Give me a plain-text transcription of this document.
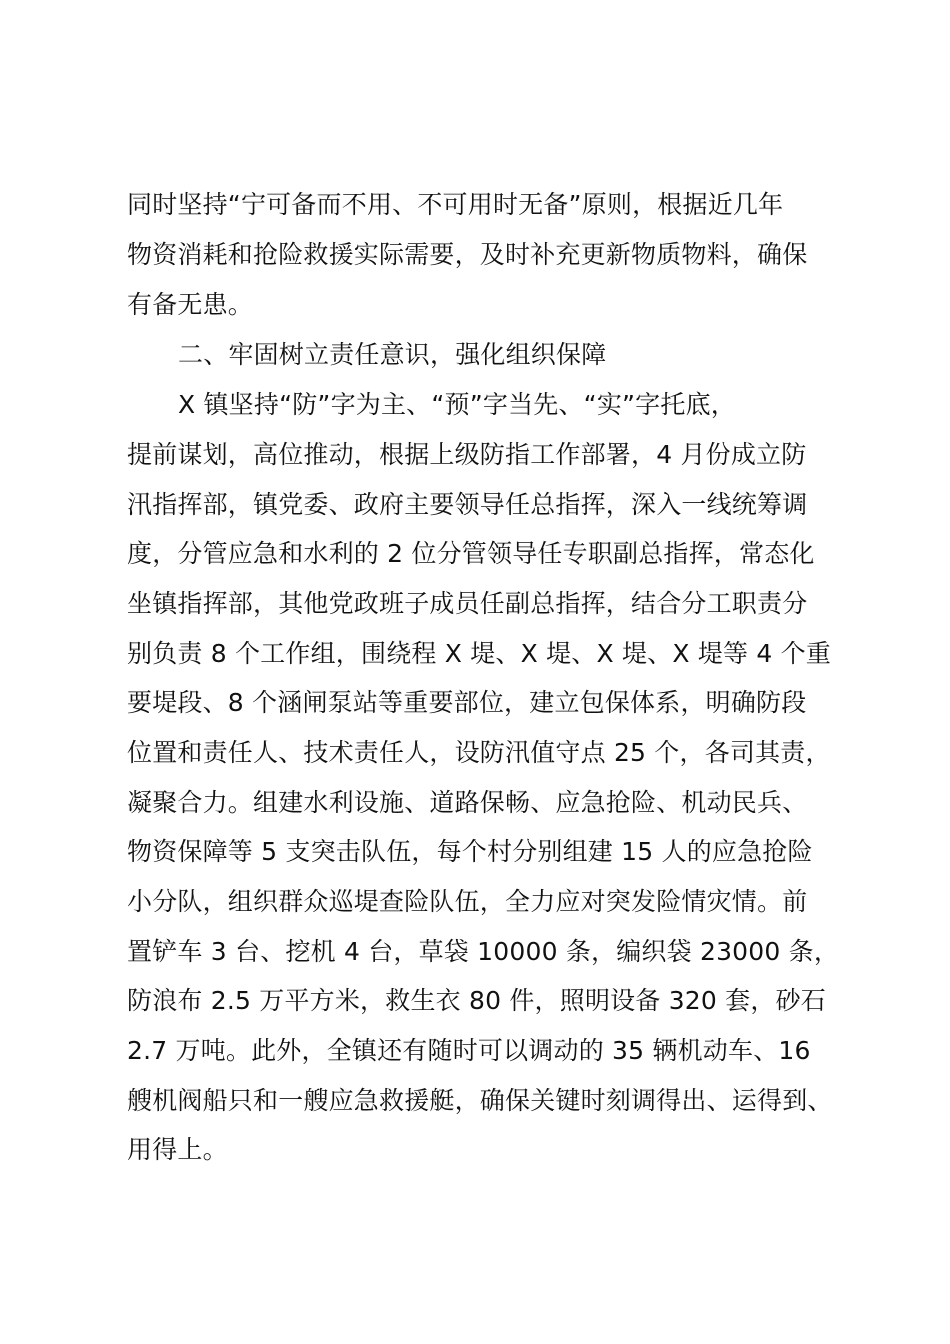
同时坚持“宁可备而不用、不可用时无备”原则，根据近几年
物资消耗和抢险救援实际需要，及时补充更新物质物料，确保
有备无患。
二、牢固树立责任意识，强化组织保障
X 镇坚持“防”字为主、“预”字当先、“实”字托底，
提前谋划，高位推动，根据上级防指工作部署，4 月份成立防
汛指挥部，镇党委、政府主要领导任总指挥，深入一线统筹调
度，分管应急和水利的 2 位分管领导任专职副总指挥，常态化
坐镇指挥部，其他党政班子成员任副总指挥，结合分工职责分
别负责 8 个工作组，围绕程 X 堤、X 堤、X 堤、X 堤等 4 个重
要堤段、8 个涵闸泵站等重要部位，建立包保体系，明确防段
位置和责任人、技术责任人，设防汛值守点 25 个，各司其责，
凝聚合力。组建水利设施、道路保畅、应急抢险、机动民兵、
物资保障等 5 支突击队伍，每个村分别组建 15 人的应急抢险
小分队，组织群众巡堤查险队伍，全力应对突发险情灾情。前
置铲车 3 台、挖机 4 台，草袋 10000 条，编织袋 23000 条，
防浪布 2.5 万平方米，救生衣 80 件，照明设备 320 套，砂石
2.7 万吨。此外，全镇还有随时可以调动的 35 辆机动车、16
艘机阀船只和一艘应急救援艇，确保关键时刻调得出、运得到、
用得上。
